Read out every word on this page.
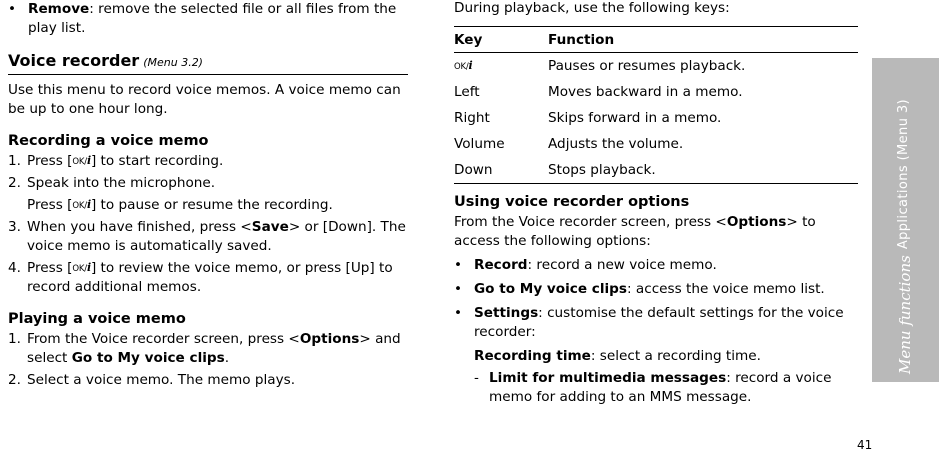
• Remove: remove the selected file or all files from the play list.
Voice recorder (Menu 3.2)

Use this menu to record voice memos. A voice memo can be up to one hour long.

Recording a voice memo
1. Press [OK/i] to start recording.
2. Speak into the microphone.
Press [OK/i] to pause or resume the recording.
3. When you have finished, press <Save> or [Down]. The voice memo is automatically saved.
4. Press [OK/i] to review the voice memo, or press [Up] to record additional memos.
Playing a voice memo
1. From the Voice recorder screen, press <Options> and select Go to My voice clips.
2. Select a voice memo. The memo plays.

During playback, use the following keys:

Key	Function
OK/i	Pauses or resumes playback.
Left	Moves backward in a memo.
Right	Skips forward in a memo.
Volume	Adjusts the volume.
Down	Stops playback.
Using voice recorder options

From the Voice recorder screen, press <Options> to access the following options:

• Record: record a new voice memo.
• Go to My voice clips: access the voice memo list.
• Settings: customise the default settings for the voice recorder:
Recording time: select a recording time.
- Limit for multimedia messages: record a voice memo for adding to an MMS message.
Menu functions
Applications (Menu 3)
41
